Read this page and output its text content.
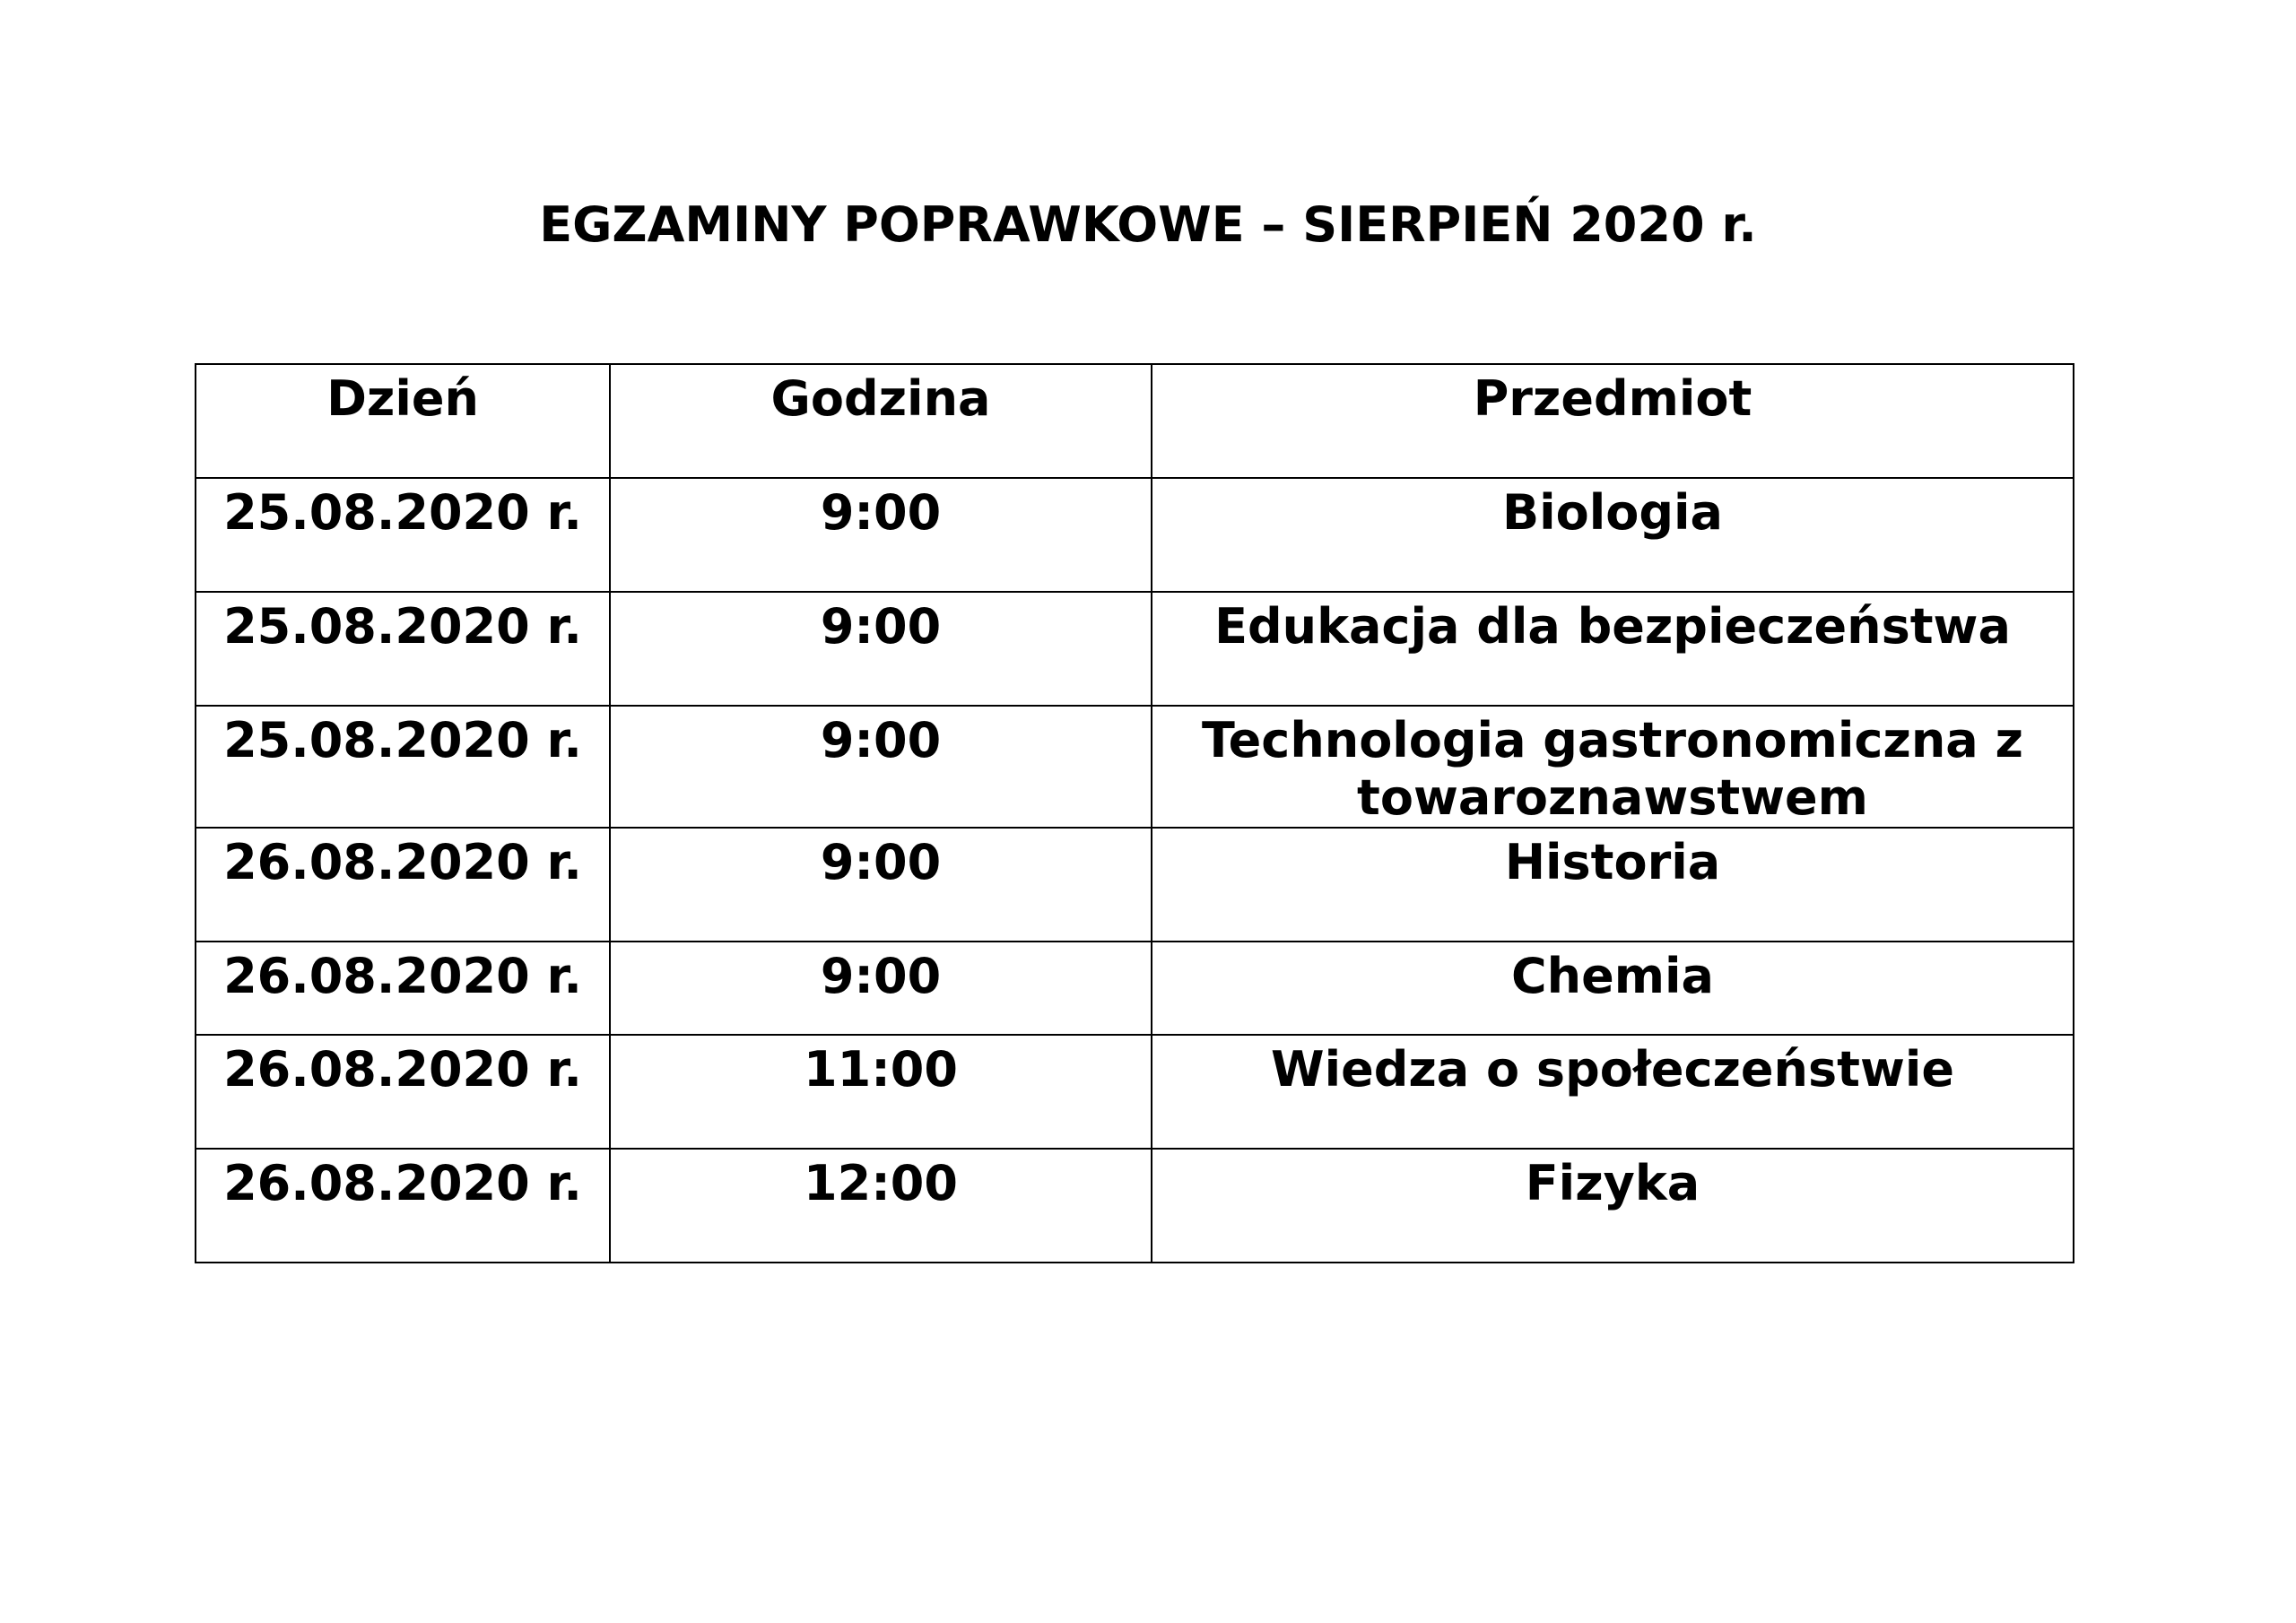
EGZAMINY POPRAWKOWE – SIERPIEŃ 2020 r.
Dzień	Godzina	Przedmiot

25.08.2020 r.	9:00	Biologia

25.08.2020 r.	9:00	Edukacja dla bezpieczeństwa

25.08.2020 r.	9:00	Technologia gastronomiczna z towaroznawstwem

26.08.2020 r.	9:00	Historia

26.08.2020 r.	9:00	Chemia

26.08.2020 r.	11:00	Wiedza o społeczeństwie

26.08.2020 r.	12:00	Fizyka
